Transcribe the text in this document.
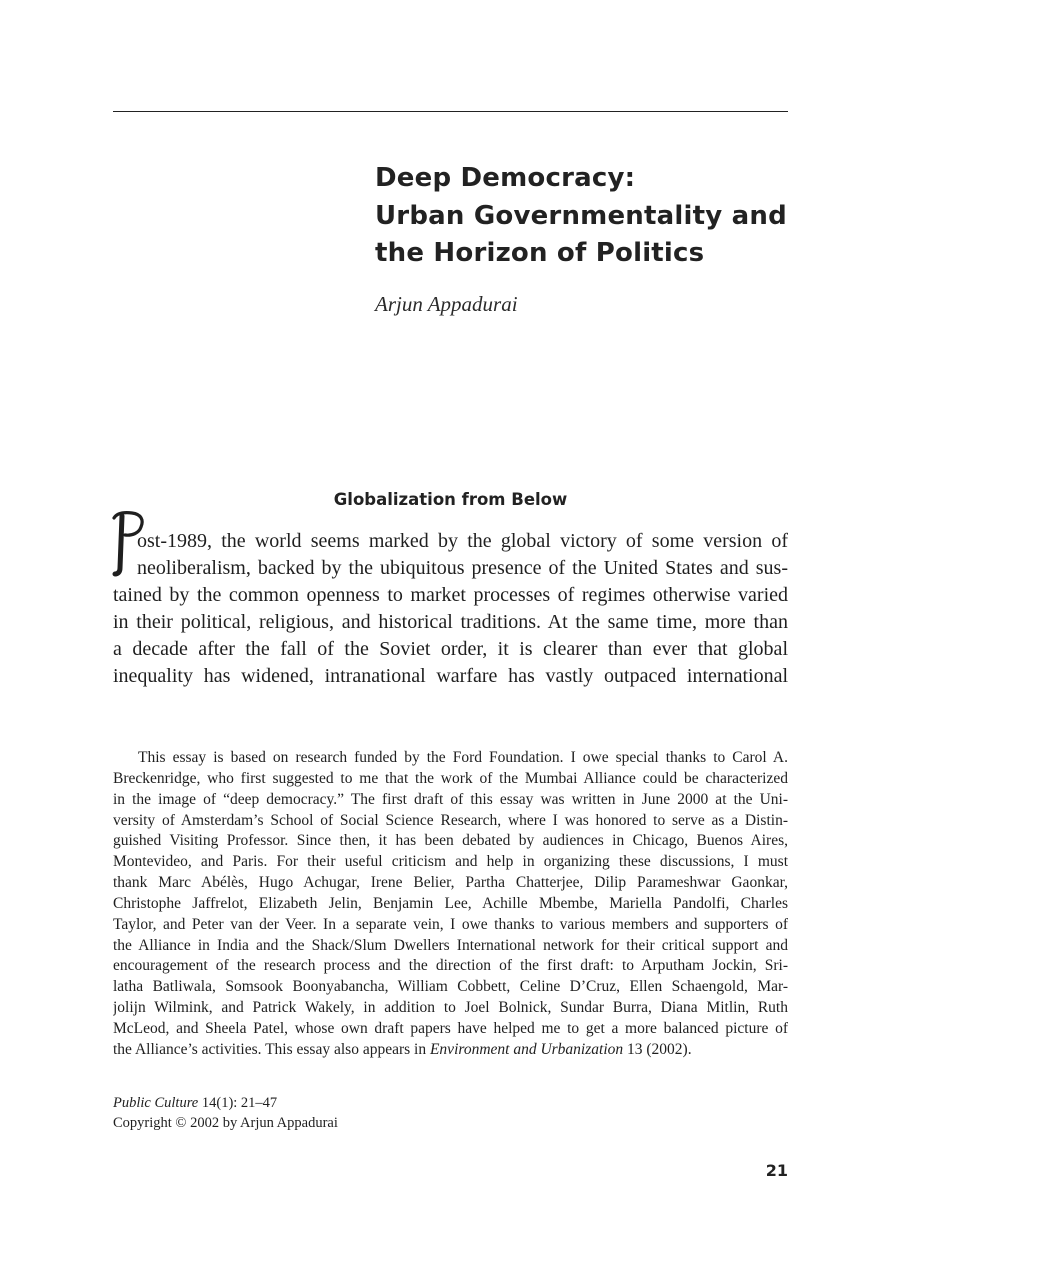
Deep Democracy:
Urban Governmentality and
the Horizon of Politics
Arjun Appadurai
Globalization from Below
ost-1989, the world seems marked by the global victory of some version of
neoliberalism, backed by the ubiquitous presence of the United States and sus-
tained by the common openness to market processes of regimes otherwise varied
in their political, religious, and historical traditions. At the same time, more than
a decade after the fall of the Soviet order, it is clearer than ever that global
inequality has widened, intranational warfare has vastly outpaced international
This essay is based on research funded by the Ford Foundation. I owe special thanks to Carol A.
Breckenridge, who first suggested to me that the work of the Mumbai Alliance could be characterized
in the image of “deep democracy.” The first draft of this essay was written in June 2000 at the Uni-
versity of Amsterdam’s School of Social Science Research, where I was honored to serve as a Distin-
guished Visiting Professor. Since then, it has been debated by audiences in Chicago, Buenos Aires,
Montevideo, and Paris. For their useful criticism and help in organizing these discussions, I must
thank Marc Abélès, Hugo Achugar, Irene Belier, Partha Chatterjee, Dilip Parameshwar Gaonkar,
Christophe Jaffrelot, Elizabeth Jelin, Benjamin Lee, Achille Mbembe, Mariella Pandolfi, Charles
Taylor, and Peter van der Veer. In a separate vein, I owe thanks to various members and supporters of
the Alliance in India and the Shack/Slum Dwellers International network for their critical support and
encouragement of the research process and the direction of the first draft: to Arputham Jockin, Sri-
latha Batliwala, Somsook Boonyabancha, William Cobbett, Celine D’Cruz, Ellen Schaengold, Mar-
jolijn Wilmink, and Patrick Wakely, in addition to Joel Bolnick, Sundar Burra, Diana Mitlin, Ruth
McLeod, and Sheela Patel, whose own draft papers have helped me to get a more balanced picture of
the Alliance’s activities. This essay also appears in Environment and Urbanization 13 (2002).
Public Culture 14(1): 21–47
Copyright © 2002 by Arjun Appadurai
21
